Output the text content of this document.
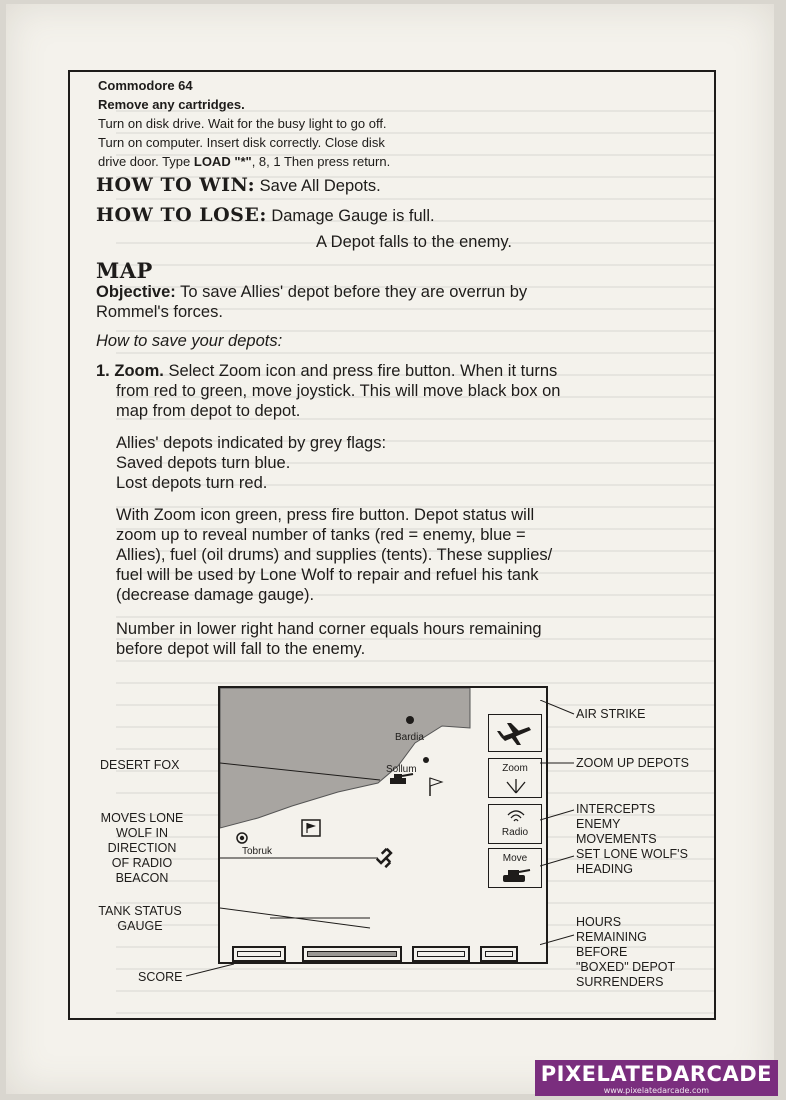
Commodore 64
Remove any cartridges.
Turn on disk drive. Wait for the busy light to go off.
Turn on computer. Insert disk correctly. Close disk
drive door. Type LOAD "*", 8, 1 Then press return.
HOW TO WIN: Save All Depots.
HOW TO LOSE: Damage Gauge is full.
A Depot falls to the enemy.
MAP
Objective: To save Allies' depot before they are overrun by
Rommel's forces.
How to save your depots:
1. Zoom. Select Zoom icon and press fire button. When it turns
from red to green, move joystick. This will move black box on
map from depot to depot.
Allies' depots indicated by grey flags:
Saved depots turn blue.
Lost depots turn red.
With Zoom icon green, press fire button. Depot status will
zoom up to reveal number of tanks (red = enemy, blue =
Allies), fuel (oil drums) and supplies (tents). These supplies/
fuel will be used by Lone Wolf to repair and refuel his tank
(decrease damage gauge).
Number in lower right hand corner equals hours remaining
before depot will fall to the enemy.
Bardia
Sollum
Tobruk
Zoom
Radio
Move
DESERT FOX
MOVES LONE
WOLF IN
DIRECTION
OF RADIO
BEACON
TANK STATUS
GAUGE
SCORE
AIR STRIKE
ZOOM UP DEPOTS
INTERCEPTS
ENEMY
MOVEMENTS
SET LONE WOLF'S
HEADING
HOURS
REMAINING
BEFORE
"BOXED" DEPOT
SURRENDERS
PIXELATEDARCADE
www.pixelatedarcade.com
